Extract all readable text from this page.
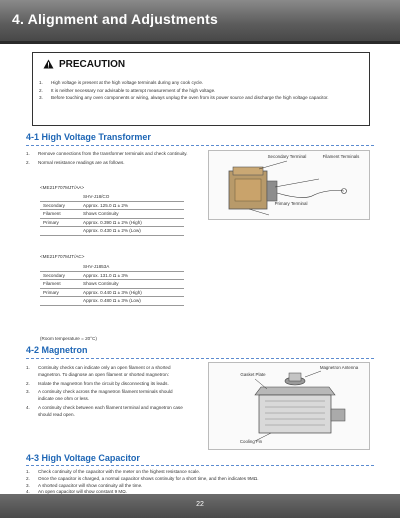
4. Alignment and Adjustments
PRECAUTION
1. High voltage is present at the high voltage terminals during any cook cycle.
2. It is neither necessary nor advisable to attempt measurement of the high voltage.
3. Before touching any oven components or wiring, always unplug the oven from its power source and discharge the high voltage capacitor.
4-1 High Voltage Transformer
1. Remove connections from the transformer terminals and check continuity.
2. Normal resistance readings are as follows.
<ME21F707MJT/AA>
	SHV-J18/CO
Secondary	Approx. 125.0 Ω ± 2%
Filament	Shows Continuity
Primary	Approx. 0.390 Ω ± 2% (High)
	Approx. 0.430 Ω ± 2% (Low)
<ME21F707MJT/AC>
	SHV-J1853A
Secondary	Approx. 131.0 Ω ± 3%
Filament	Shows Continuity
Primary	Approx. 0.440 Ω ± 3% (High)
	Approx. 0.480 Ω ± 3% (Low)
(Room temperature = 20°C)
Secondary Terminal	Filament Terminals
Primary Terminal
4-2 Magnetron
1. Continuity checks can indicate only an open filament or a shorted magnetron. To diagnose an open filament or shorted magnetron:
2. Isolate the magnetron from the circuit by disconnecting its leads.
3. A continuity check across the magnetron filament terminals should indicate one ohm or less.
4. A continuity check between each filament terminal and magnetron case should read open.
Magnetron Antenna
Gasket Plate
Cooling Fin
4-3 High Voltage Capacitor
1. Check continuity of the capacitor with the meter on the highest resistance scale.
2. Once the capacitor is charged, a normal capacitor shows continuity for a short time, and then indicates 9MΩ.
3. A shorted capacitor will show continuity all the time.
4. An open capacitor will show constant 9 MΩ.
22
